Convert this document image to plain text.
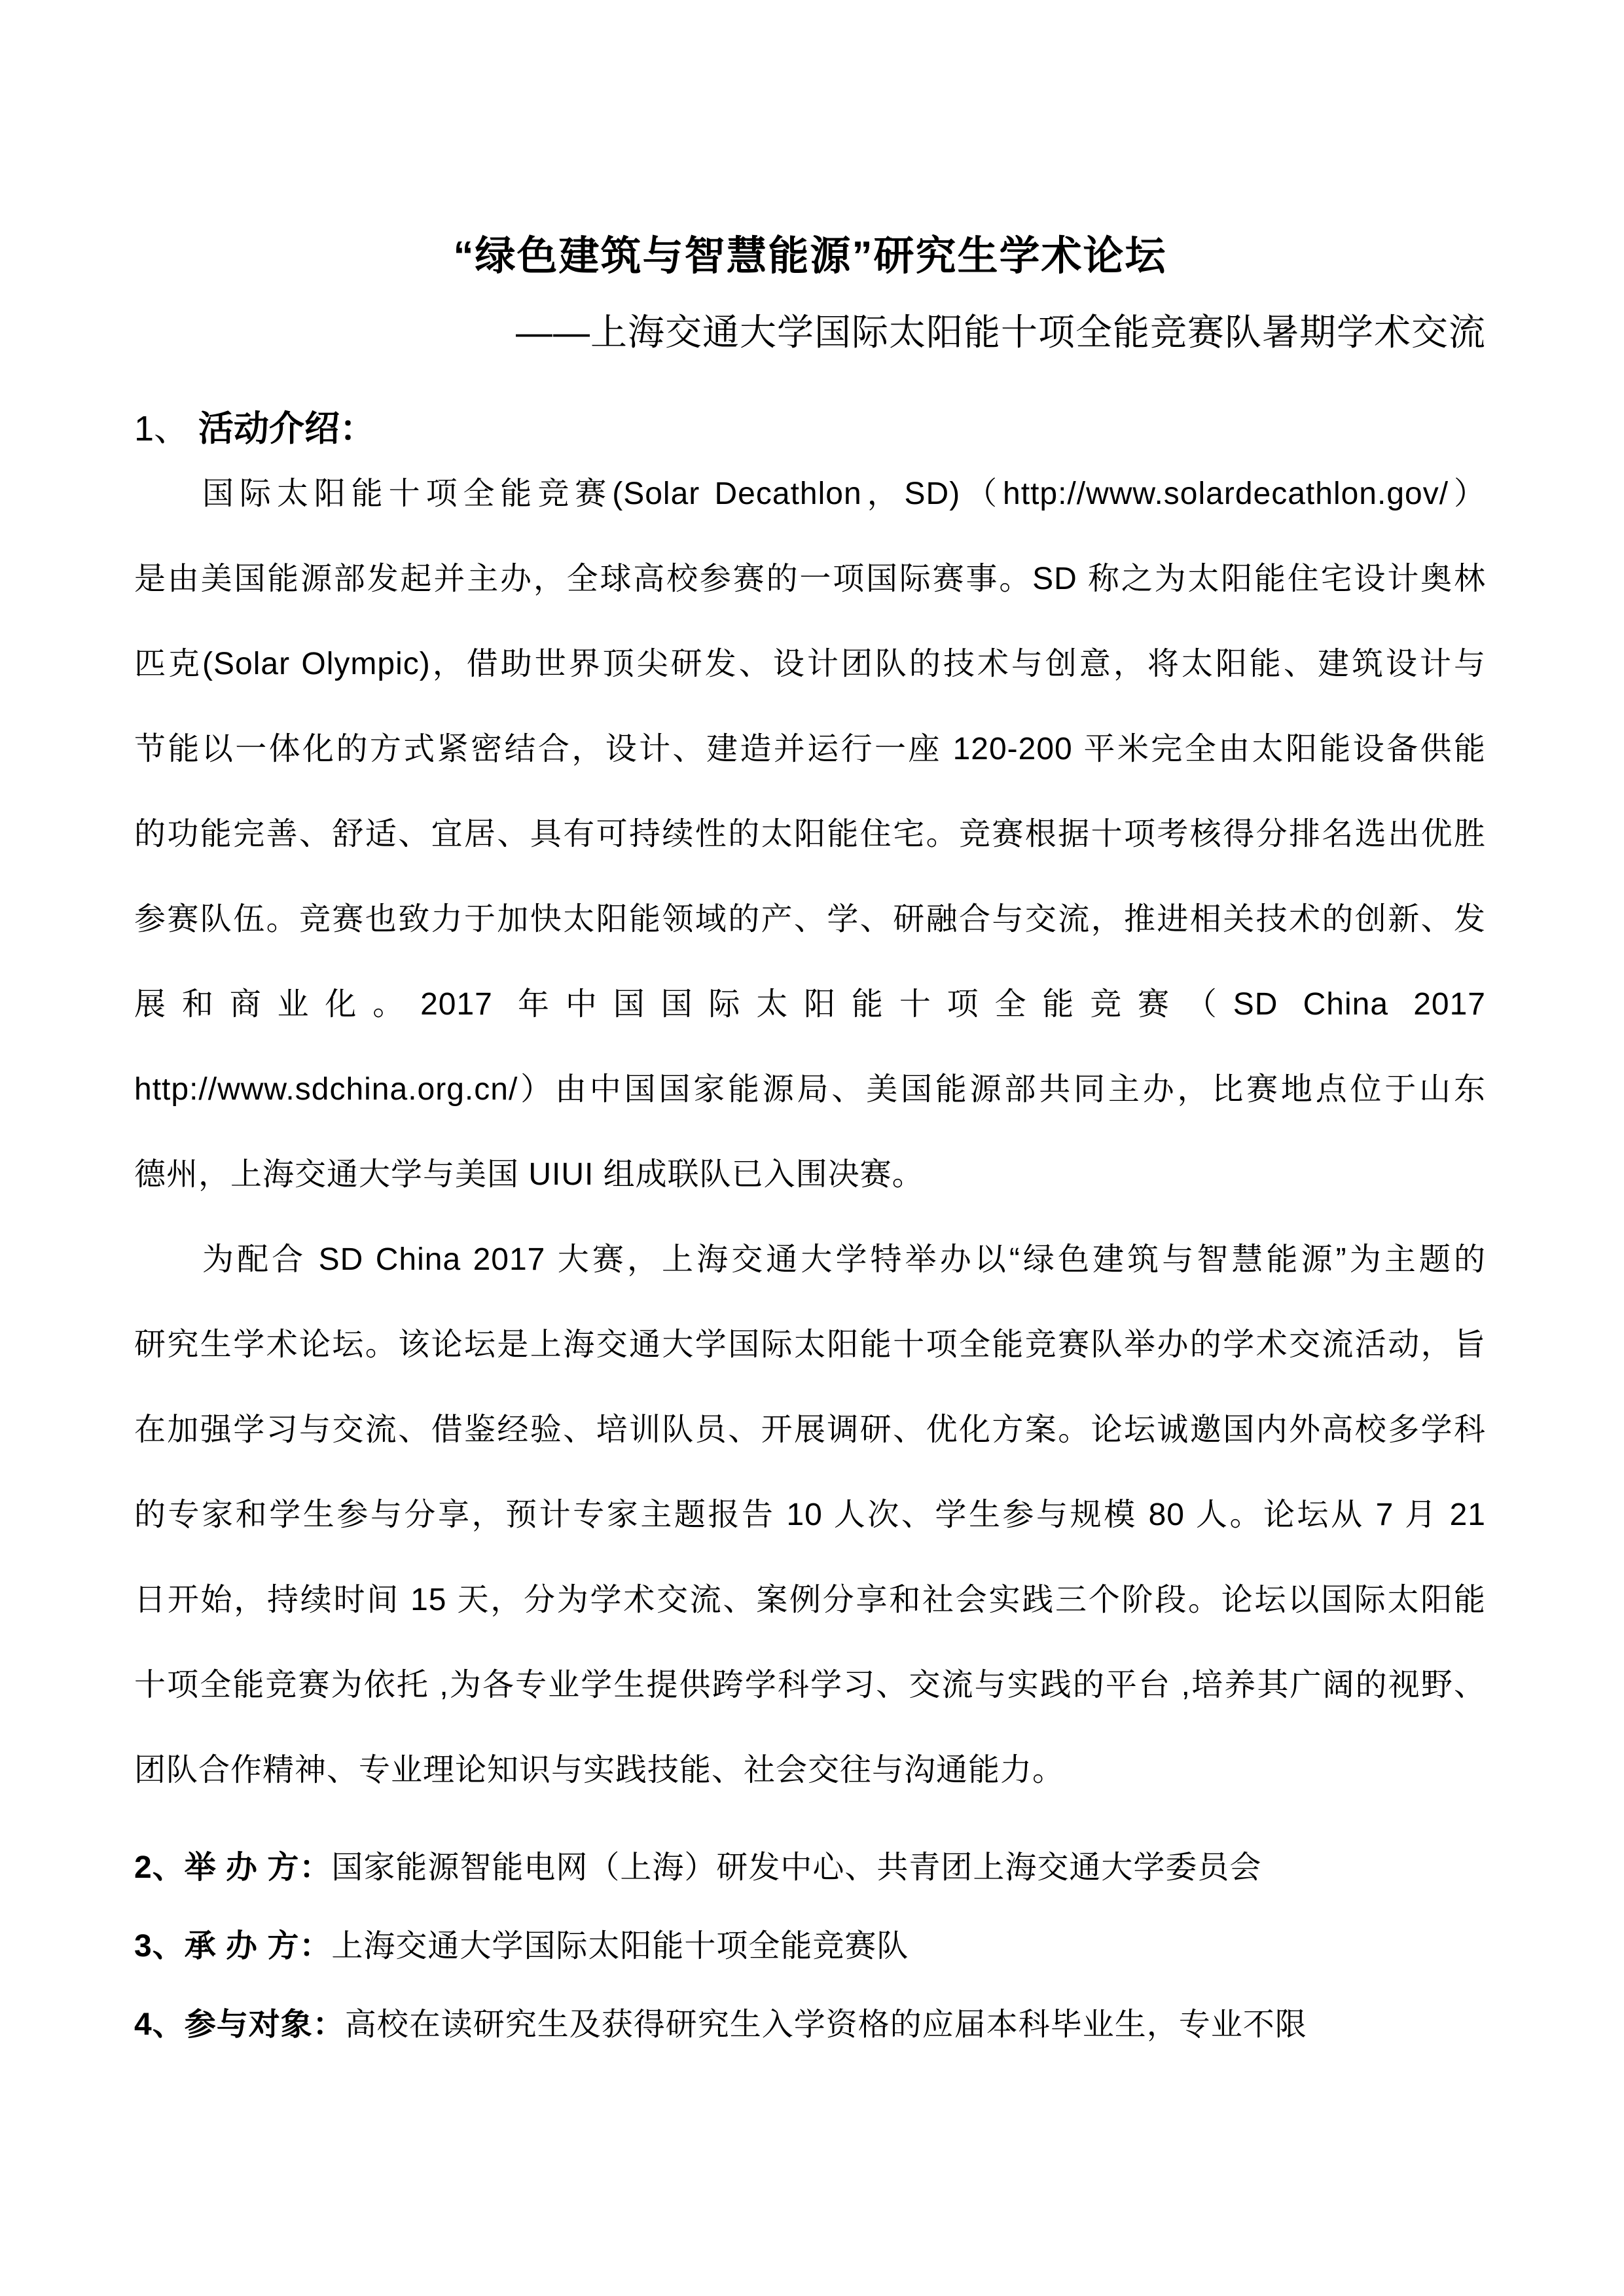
“绿色建筑与智慧能源”研究生学术论坛
——上海交通大学国际太阳能十项全能竞赛队暑期学术交流
1、 活动介绍：
国际太阳能十项全能竞赛(Solar Decathlon，SD)（http://www.solardecathlon.gov/）
是由美国能源部发起并主办，全球高校参赛的一项国际赛事。SD 称之为太阳能住宅设计奥林
匹克(Solar Olympic)，借助世界顶尖研发、设计团队的技术与创意，将太阳能、建筑设计与
节能以一体化的方式紧密结合，设计、建造并运行一座 120-200 平米完全由太阳能设备供能
的功能完善、舒适、宜居、具有可持续性的太阳能住宅。竞赛根据十项考核得分排名选出优胜
参赛队伍。竞赛也致力于加快太阳能领域的产、学、研融合与交流，推进相关技术的创新、发
展和商业化。2017 年中国国际太阳能十项全能竞赛（SD China 2017
http://www.sdchina.org.cn/）由中国国家能源局、美国能源部共同主办，比赛地点位于山东
德州，上海交通大学与美国 UIUI 组成联队已入围决赛。
为配合 SD China 2017 大赛，上海交通大学特举办以“绿色建筑与智慧能源”为主题的
研究生学术论坛。该论坛是上海交通大学国际太阳能十项全能竞赛队举办的学术交流活动，旨
在加强学习与交流、借鉴经验、培训队员、开展调研、优化方案。论坛诚邀国内外高校多学科
的专家和学生参与分享，预计专家主题报告 10 人次、学生参与规模 80 人。论坛从 7 月 21
日开始，持续时间 15 天，分为学术交流、案例分享和社会实践三个阶段。论坛以国际太阳能
十项全能竞赛为依托 ,为各专业学生提供跨学科学习、交流与实践的平台 ,培养其广阔的视野、
团队合作精神、专业理论知识与实践技能、社会交往与沟通能力。
2、举 办 方：国家能源智能电网（上海）研发中心、共青团上海交通大学委员会
3、承 办 方：上海交通大学国际太阳能十项全能竞赛队
4、参与对象：高校在读研究生及获得研究生入学资格的应届本科毕业生，专业不限
